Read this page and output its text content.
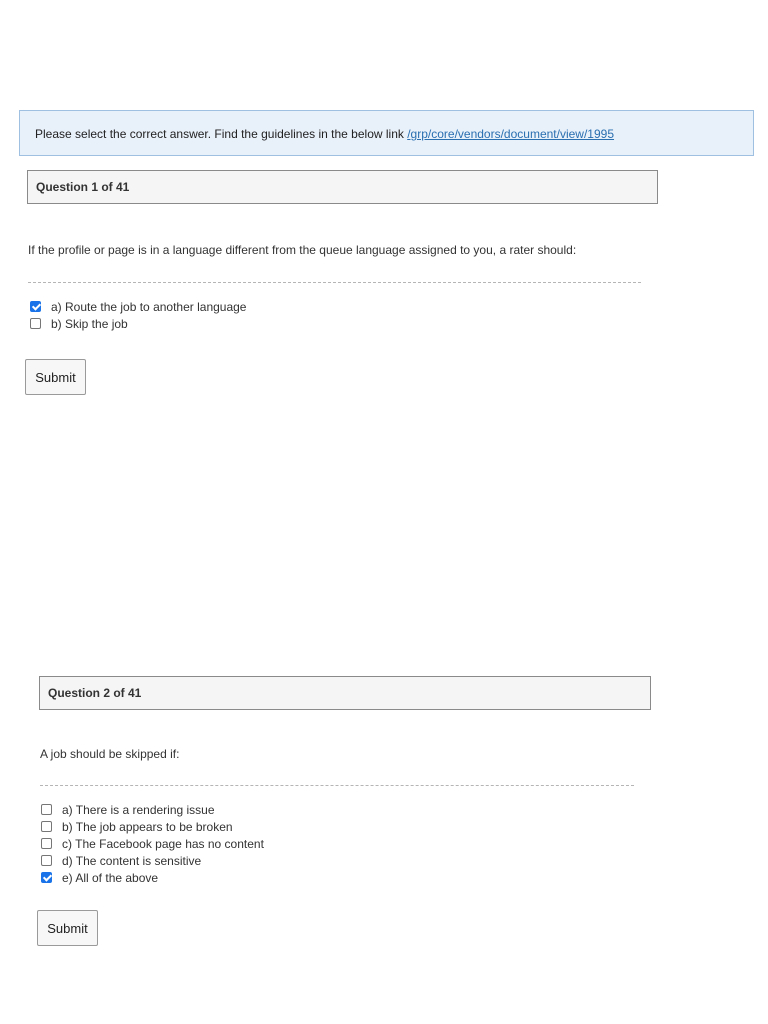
Please select the correct answer. Find the guidelines in the below link /grp/core/vendors/document/view/1995
Question 1 of 41
If the profile or page is in a language different from the queue language assigned to you, a rater should:
a) Route the job to another language
b) Skip the job
Submit
Question 2 of 41
A job should be skipped if:
a) There is a rendering issue
b) The job appears to be broken
c) The Facebook page has no content
d) The content is sensitive
e) All of the above
Submit
